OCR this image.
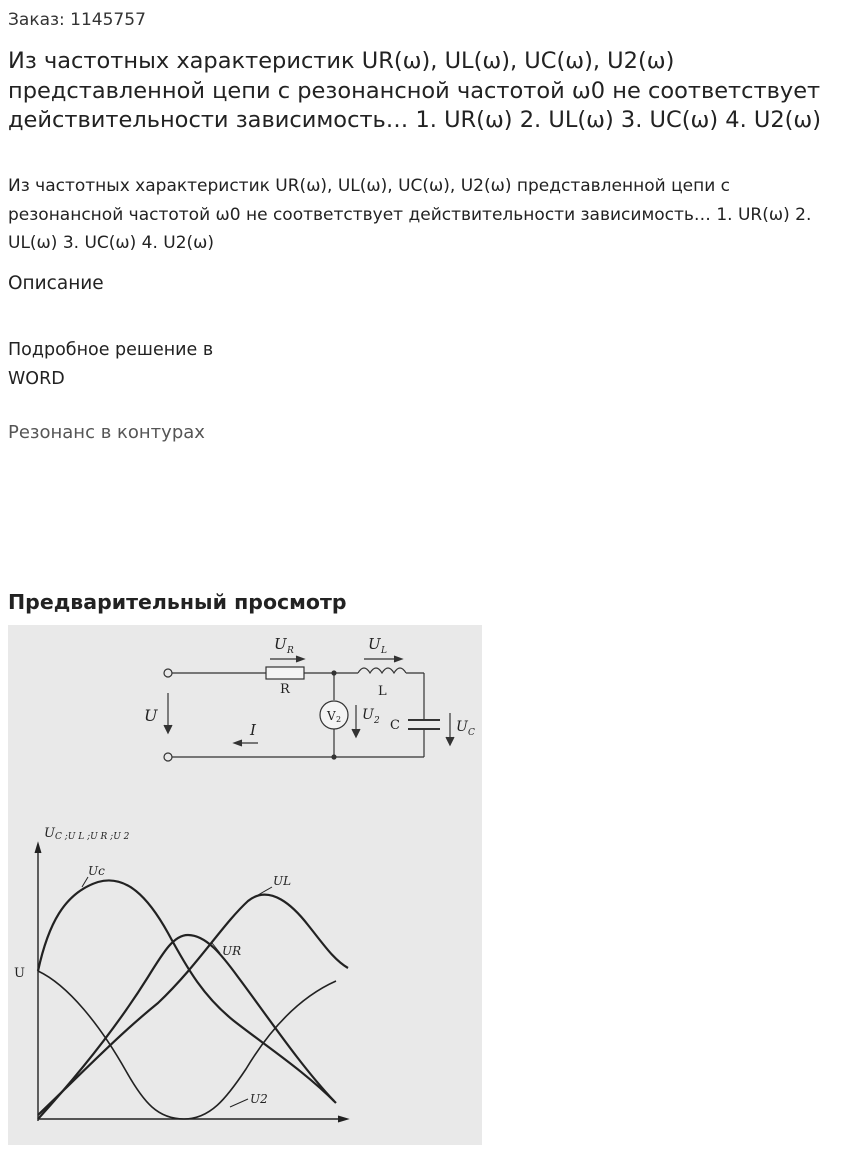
Заказ: 1145757
Из частотных характеристик UR(ω), UL(ω), UC(ω), U2(ω) представленной цепи с резонансной частотой ω0 не соответствует действительности зависимость… 1. UR(ω) 2. UL(ω) 3. UC(ω) 4. U2(ω)
Из частотных характеристик UR(ω), UL(ω), UC(ω), U2(ω) представленной цепи с резонансной частотой ω0 не соответствует действительности зависимость… 1. UR(ω) 2. UL(ω) 3. UC(ω) 4. U2(ω)
Описание
Подробное решение в WORD
Резонанс в контурах
Предварительный просмотр
U
I
U R	U L
U 2	U C
R	L
V 2	C
U C ;U L ;U R ;U 2
U
Uc
UL
UR
U2
